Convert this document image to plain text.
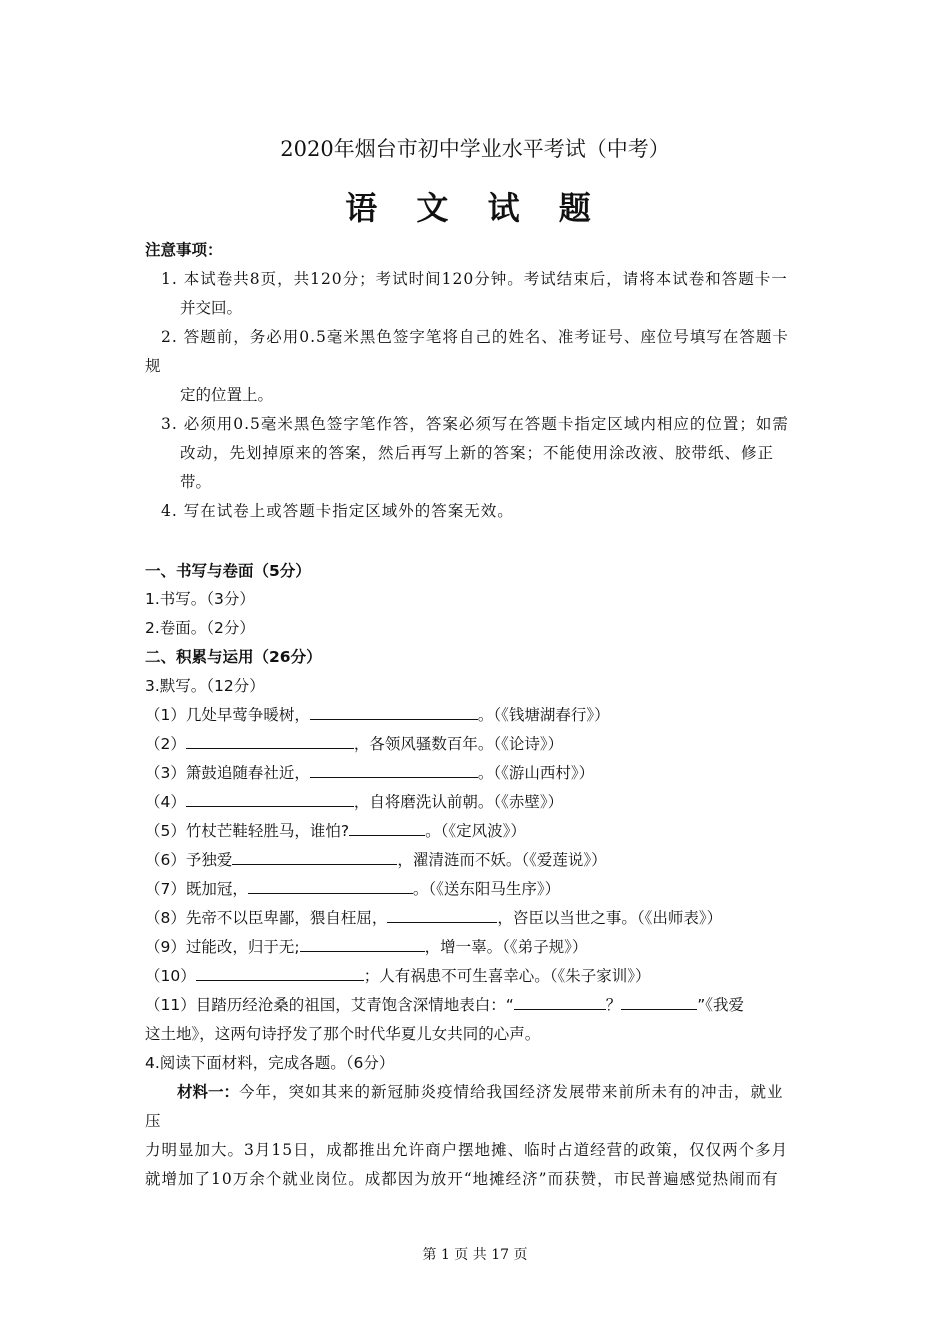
2020年烟台市初中学业水平考试（中考）
语 文 试 题
注意事项：
1. 本试卷共8页，共120分；考试时间120分钟。考试结束后，请将本试卷和答题卡一
并交回。
2. 答题前，务必用0.5毫米黑色签字笔将自己的姓名、准考证号、座位号填写在答题卡
规
定的位置上。
3. 必须用0.5毫米黑色签字笔作答，答案必须写在答题卡指定区域内相应的位置；如需
改动，先划掉原来的答案，然后再写上新的答案；不能使用涂改液、胶带纸、修正
带。
4. 写在试卷上或答题卡指定区域外的答案无效。
一、书写与卷面（5分）
1.书写。（3分）
2.卷面。（2分）
二、积累与运用（26分）
3.默写。（12分）
（1）几处早莺争暖树，	。（《钱塘湖春行》）
（2）	，各领风骚数百年。（《论诗》）
（3）箫鼓追随春社近，	。（《游山西村》）
（4）	，自将磨洗认前朝。（《赤壁》）
（5）竹杖芒鞋轻胜马，谁怕?	。（《定风波》）
（6）予独爱	，濯清涟而不妖。（《爱莲说》）
（7）既加冠，	。（《送东阳马生序》）
（8）先帝不以臣卑鄙，猥自枉屈，	，咨臣以当世之事。（《出师表》）
（9）过能改，归于无;	，增一辜。（《弟子规》）
（10）	；人有祸患不可生喜幸心。（《朱子家训》）
（11）目踏历经沧桑的祖国，艾青饱含深情地表白：“	？	”《我爱
这土地》，这两句诗抒发了那个时代华夏儿女共同的心声。
4.阅读下面材料，完成各题。（6分）
材料一：今年，突如其来的新冠肺炎疫情给我国经济发展带来前所未有的冲击，就业
压
力明显加大。3月15日，成都推出允许商户摆地摊、临时占道经营的政策，仅仅两个多月
就增加了10万余个就业岗位。成都因为放开“地摊经济”而获赞，市民普遍感觉热闹而有
第 1 页 共 17 页
